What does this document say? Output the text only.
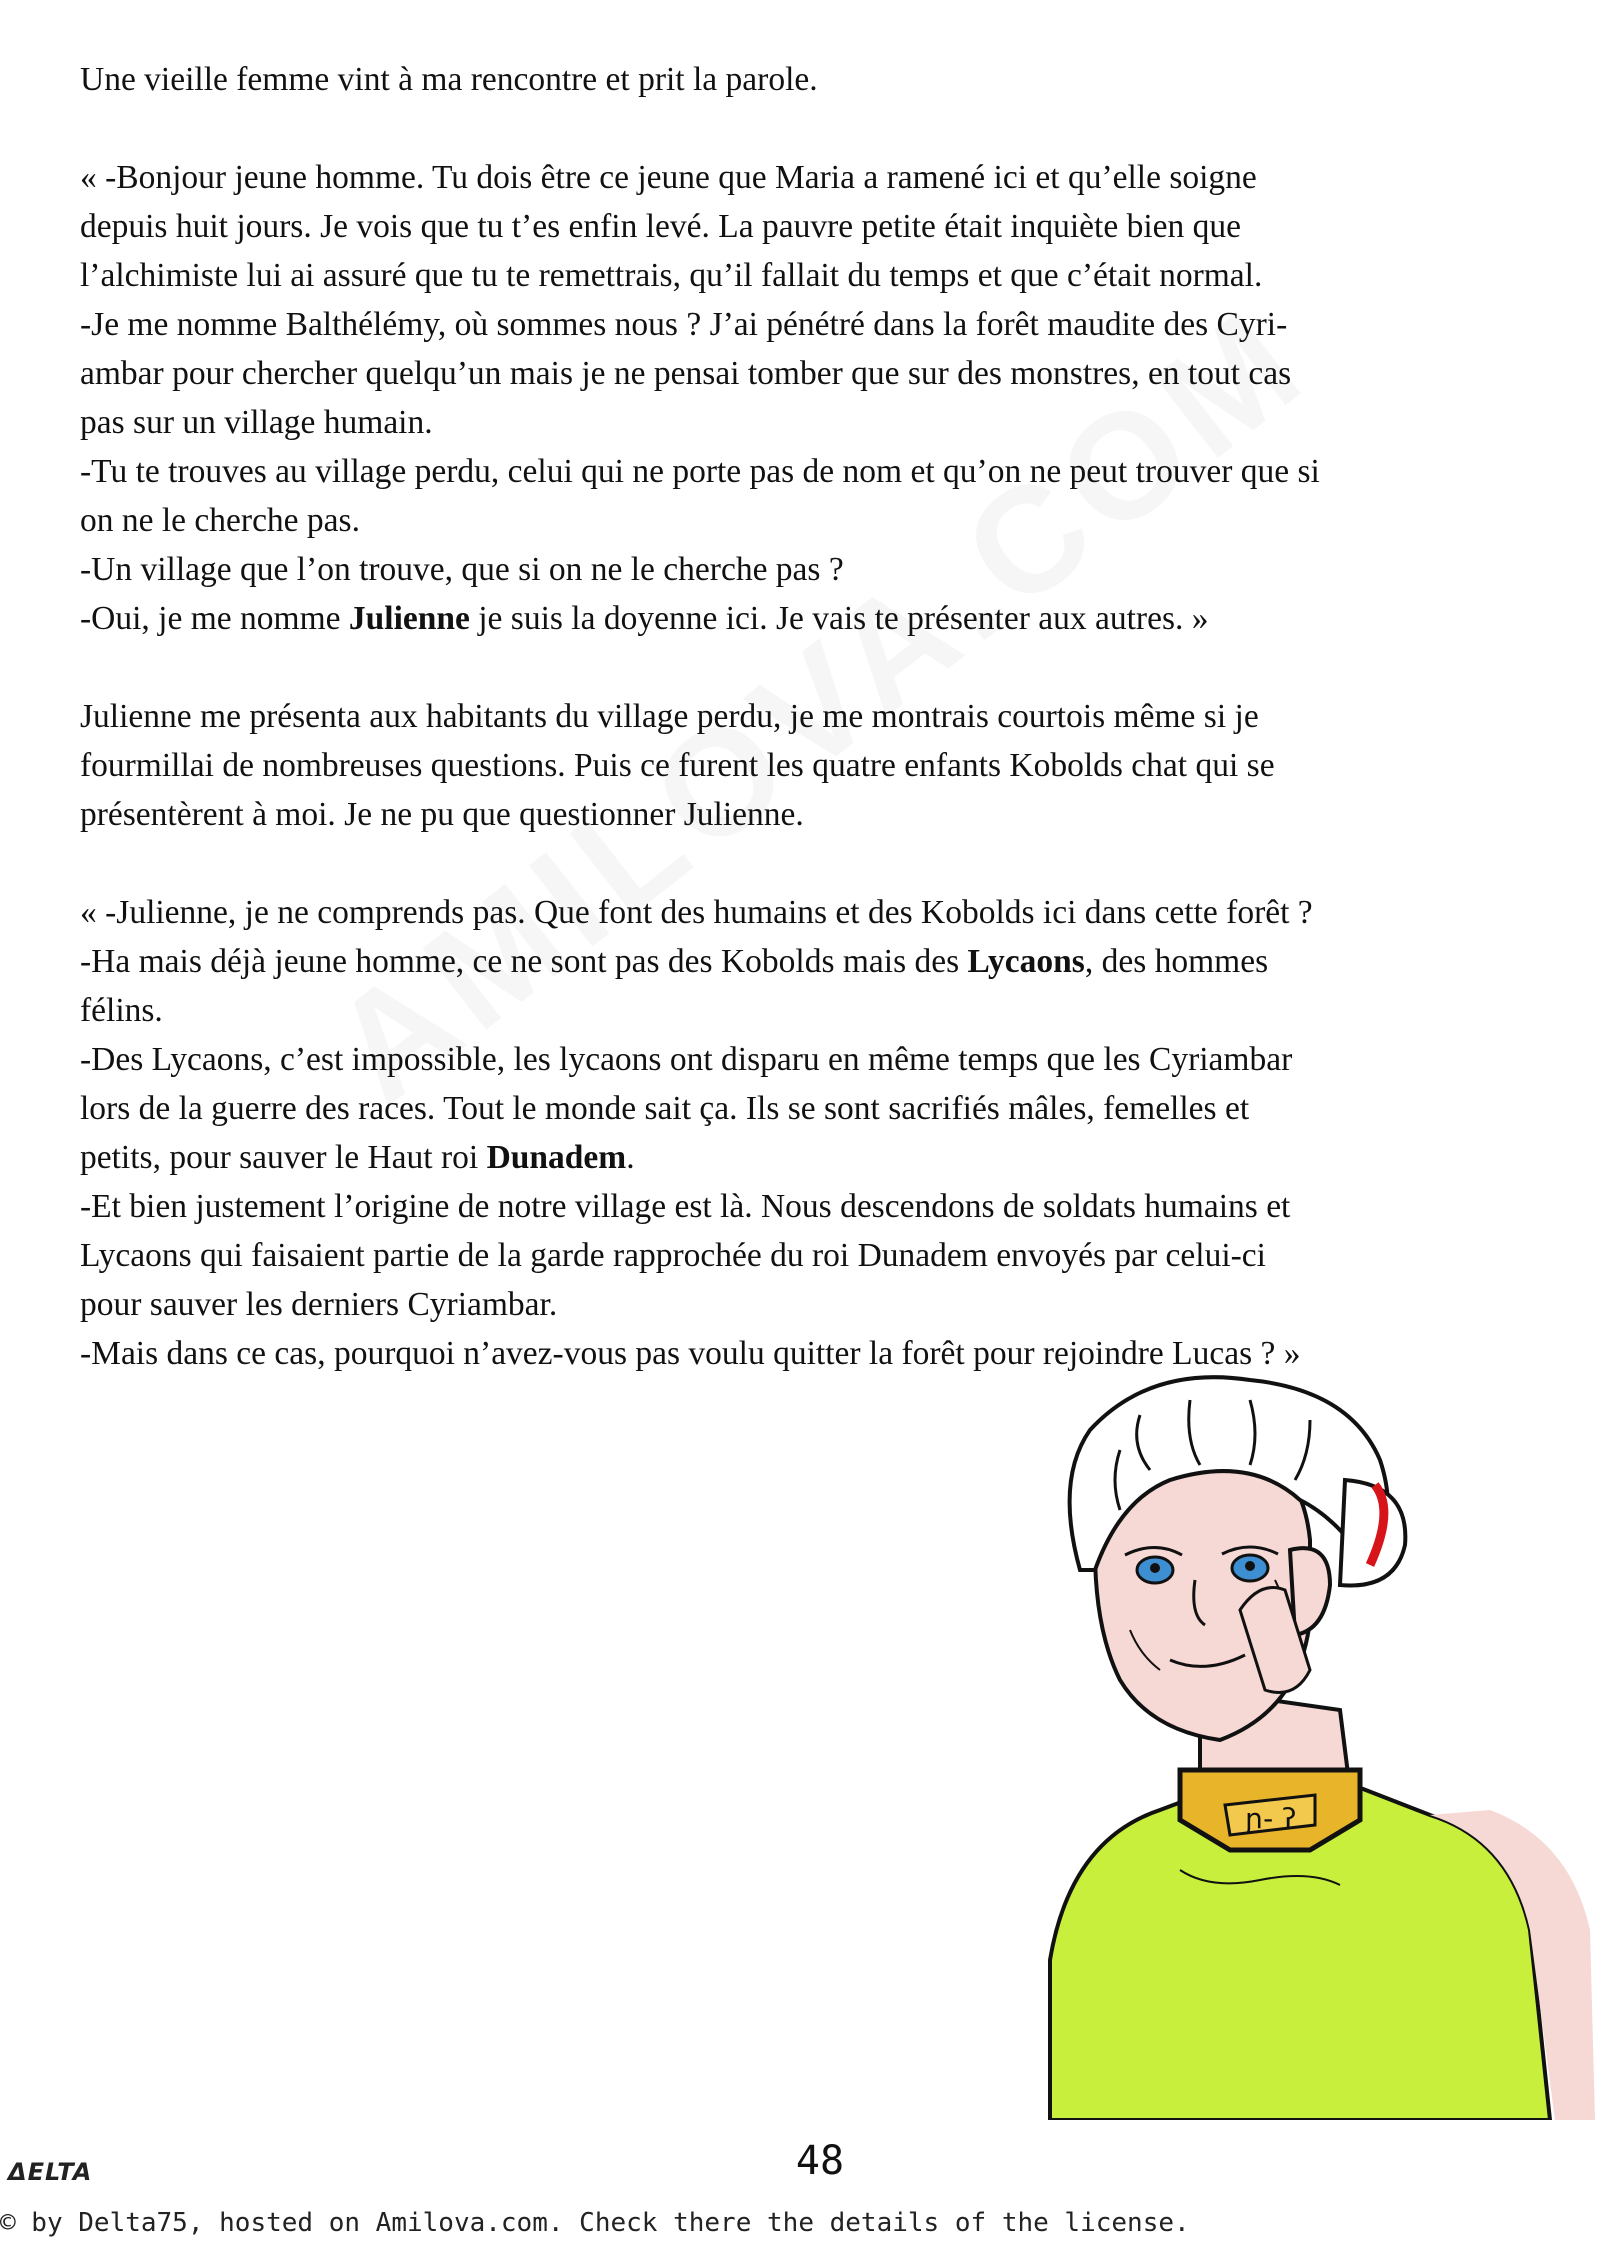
Une vieille femme vint à ma rencontre et prit la parole.

« -Bonjour jeune homme. Tu dois être ce jeune que Maria a ramené ici et qu’elle soigne

depuis huit jours. Je vois que tu t’es enfin levé. La pauvre petite était inquiète bien que

l’alchimiste lui ai assuré que tu te remettrais, qu’il fallait du temps et que c’était normal.

-Je me nomme Balthélémy, où sommes nous ? J’ai pénétré dans la forêt maudite des Cyri-

ambar pour chercher quelqu’un mais je ne pensai tomber que sur des monstres, en tout cas

pas sur un village humain.

-Tu te trouves au village perdu, celui qui ne porte pas de nom et qu’on ne peut trouver que si

on ne le cherche pas.

-Un village que l’on trouve, que si on ne le cherche pas ?

-Oui, je me nomme Julienne je suis la doyenne ici. Je vais te présenter aux autres. »

Julienne me présenta aux habitants du village perdu, je me montrais courtois même si je

fourmillai de nombreuses questions. Puis ce furent les quatre enfants Kobolds chat qui se

présentèrent à moi. Je ne pu que questionner Julienne.

« -Julienne, je ne comprends pas. Que font des humains et des Kobolds ici dans cette forêt ?

-Ha mais déjà jeune homme, ce ne sont pas des Kobolds mais des Lycaons, des hommes

félins.

-Des Lycaons, c’est impossible, les lycaons ont disparu en même temps que les Cyriambar

lors de la guerre des races. Tout le monde sait ça. Ils se sont sacrifiés mâles, femelles et

petits, pour sauver le Haut roi Dunadem.

-Et bien justement l’origine de notre village est là. Nous descendons de soldats humains et

Lycaons qui faisaient partie de la garde rapprochée du roi Dunadem envoyés par celui-ci

pour sauver les derniers Cyriambar.

-Mais dans ce cas, pourquoi n’avez-vous pas voulu quitter la forêt pour rejoindre Lucas ? »

ɲ- ʔ
48
ΔELTA
© by Delta75, hosted on Amilova.com. Check there the details of the license.
